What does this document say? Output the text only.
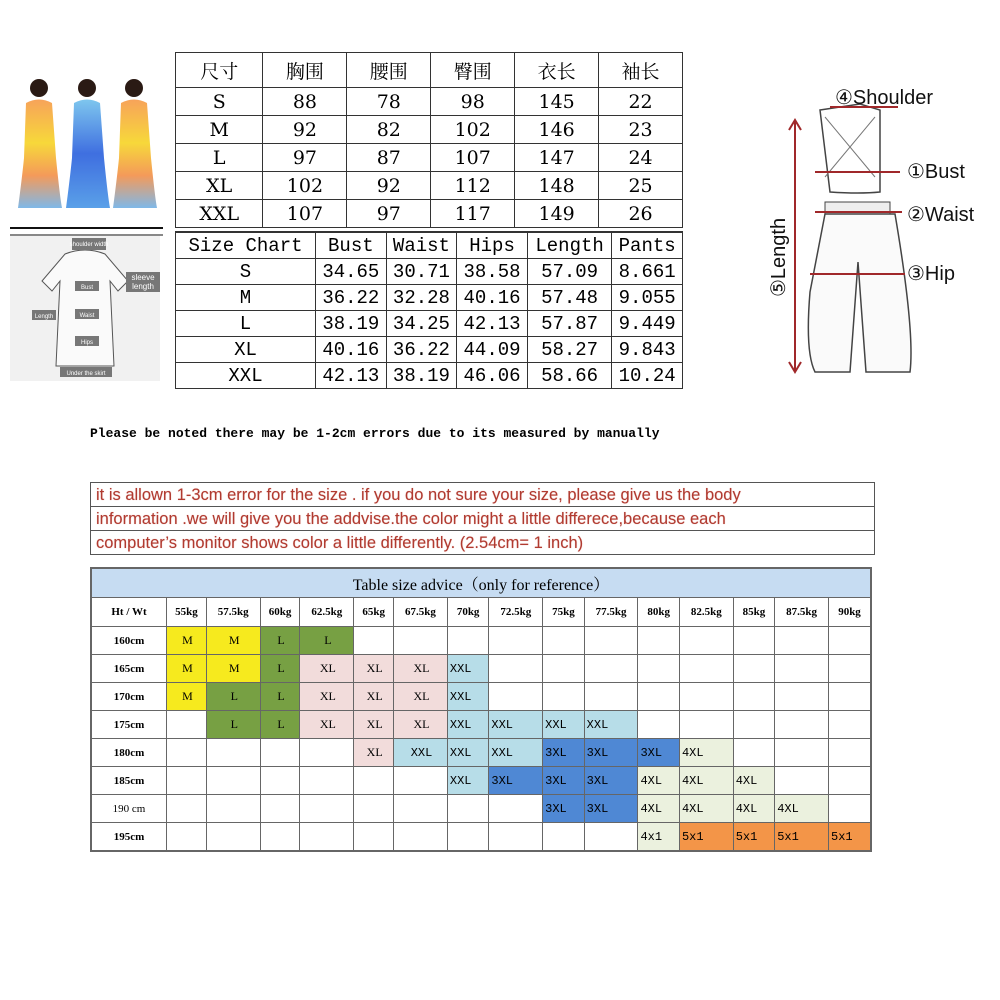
shoulder width
Bust
Waist
Hips
Length
Under the skirt
sleeve length
尺寸	胸围	腰围	臀围	衣长	袖长
S	88	78	98	145	22
M	92	82	102	146	23
L	97	87	107	147	24
XL	102	92	112	148	25
XXL	107	97	117	149	26
Size Chart	Bust	Waist	Hips	Length	Pants
S	34.65	30.71	38.58	57.09	8.661
M	36.22	32.28	40.16	57.48	9.055
L	38.19	34.25	42.13	57.87	9.449
XL	40.16	36.22	44.09	58.27	9.843
XXL	42.13	38.19	46.06	58.66	10.24
④Shoulder
①Bust
②Waist
③Hip
⑤Length
Please be noted there may be 1-2cm errors due to its measured by manually
it is allown 1-3cm error for the size . if you do not sure your size, please give us the body
information .we will give you the addvise.the color might a little differece,because each
computer’s monitor shows color a little differently. (2.54cm= 1 inch)
Table size advice（only for reference）															
Ht / Wt	55kg	57.5kg	60kg	62.5kg	65kg	67.5kg	70kg	72.5kg	75kg	77.5kg	80kg	82.5kg	85kg	87.5kg	90kg
160cm	M	M	L	L											
165cm	M	M	L	XL	XL	XL	XXL								
170cm	M	L	L	XL	XL	XL	XXL								
175cm		L	L	XL	XL	XL	XXL	XXL	XXL	XXL					
180cm					XL	XXL	XXL	XXL	3XL	3XL	3XL	4XL			
185cm							XXL	3XL	3XL	3XL	4XL	4XL	4XL		
190 cm									3XL	3XL	4XL	4XL	4XL	4XL	
195cm											4x1	5x1	5x1	5x1	5x1
